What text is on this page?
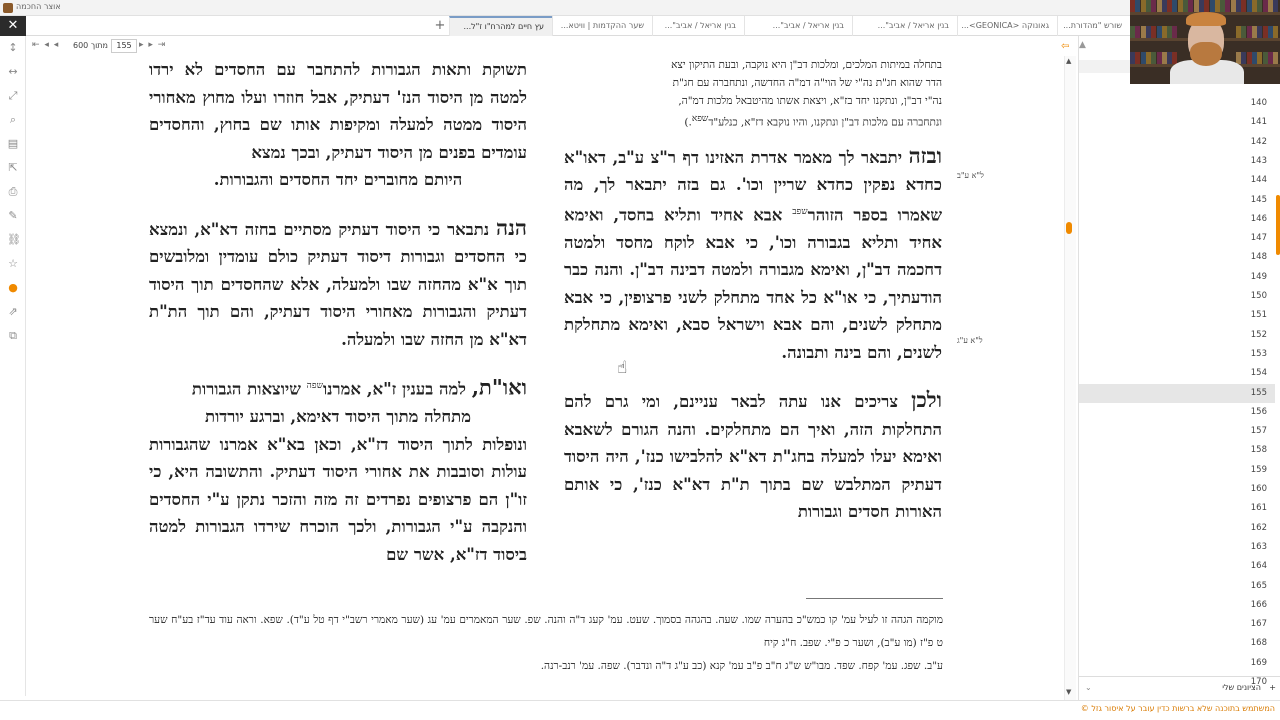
אוצר החכמה
✕	+	עץ חיים למהרח"ו ז"ל...	שער ההקדמות | וויטא...	בנין אריאל / אביב"...	בנין אריאל / אביב"...	בנין אריאל / אביב"...	גאונוקה <GEONICA>...	שורש "מהדורת...
⇤ ◂ ◂ מתוך 600	155 ▸ ▸ ⇥	⇦
↕
↔
⤢
⌕
▤
⇱
⎙
✎
⛓
☆
●
⇗
⧉

בתחלה במיתות המלכים, ומלכות דב"ן היא נוקבה, ובעת התיקון יצא

הדר שהוא חג"ת נה"י של הוי"ה דמ"ה החדשה, ונתחברה עם חג"ת

נה"י דב"ן, ונתקנו יחד בז"א, ויצאת אשתו מהיטבאל מלכות דמ"ה,

ונתחברה עם מלכות דב"ן ונתקנו, והיו נוקבא דז"א, כנלע"דשפא.)

ובזה יתבאר לך מאמר אדרת האזינו דף ר"צ ע"ב, דאו"א כחדא נפקין כחדא שריין וכו'. גם בזה יתבאר לך, מה שאמרו בספר הזוהר$^{שפב}$ אבא אחיד ותליא בחסד, ואימא אחיד ותליא בגבורה וכו', כי אבא לוקח מחסד ולמטה דחכמה דב"ן, ואימא מגבורה ולמטה דבינה דב"ן. והנה כבר הודעתיך, כי או"א כל אחד מתחלק לשני פרצופין, כי אבא מתחלק לשנים, והם אבא וישראל סבא, ואימא מתחלקת לשנים, והם בינה ותבונה.

ולכן צריכים אנו עתה לבאר עניינם, ומי גרם להם התחלקות הזה, ואיך הם מתחלקים. והנה הגורם לשאבא ואימא יעלו למעלה בחג"ת דא"א להלבישו כנז', היה היסוד דעתיק המתלבש שם בתוך ת"ת דא"א כנז', כי אותם האורות חסדים וגבורות

תשוקת ותאות הגבורות להתחבר עם החסדים לא ירדו למטה מן היסוד הנז' דעתיק, אבל חוזרו ועלו מחוץ מאחורי היסוד ממטה למעלה ומקיפות אותו שם בחוץ, והחסדים עומדים בפנים מן היסוד דעתיק, ובכך נמצא

היותם מחוברים יחד החסדים והגבורות.

הנה נתבאר כי היסוד דעתיק מסתיים בחזה דא"א, ונמצא כי החסדים וגבורות דיסוד דעתיק כולם עומדין ומלובשים תוך א"א מהחזה שבו ולמעלה, אלא שהחסדים תוך היסוד דעתיק והגבורות מאחורי היסוד דעתיק, והם תוך הת"ת דא"א מן החזה שבו ולמעלה.

ואו"ת, למה בענין ז"א, אמרנו$^{שפה}$ שיוצאות הגבורות

מתחלה מתוך היסוד דאימא, וברגע יורדות

ונופלות לתוך היסוד דז"א, וכאן בא"א אמרנו שהגבורות עולות וסובבות את אחורי היסוד דעתיק. והתשובה היא, כי זו"ן הם פרצופים נפרדים זה מזה והזכר נתקן ע"י החסדים והנקבה ע"י הגבורות, ולכך הוכרח שירדו הגבורות למטה ביסוד דז"א, אשר שם

ל"א ע"ב
ל"א ע"ג

מוקמה הגהה זו לעיל עמ' קו כמש"כ בהערה שמו. שעה. בהגהה בסמוך. שעט. עמ' קעג ד"ה והנה. שפ. שער המאמרים עמ' עג (שער מאמרי רשב"י דף טל ע"ד). שפא. וראה עוד עד"ז בע"ח שער ט פ"ז (מו ע"ב), ושער כ פ"י. שפב. ח"ג קיח

ע"ב. שפג. עמ' קפח. שפד. מבו"ש ש"ג ח"ב פ"ב עמ' קנא (כב ע"ג ד"ה ונדבר). שפה. עמ' רנב-רנה.

☝
▲
▼
▲
140
141
142
143
144
145
146
147
148
149
150
151
152
153
154
155
156
157
158
159
160
161
162
163
164
165
166
167
168
169
170
+
הציונים שלי
⌄
המשתמש בתוכנה שלא ברשות כדין עובר על איסור גזל ©
